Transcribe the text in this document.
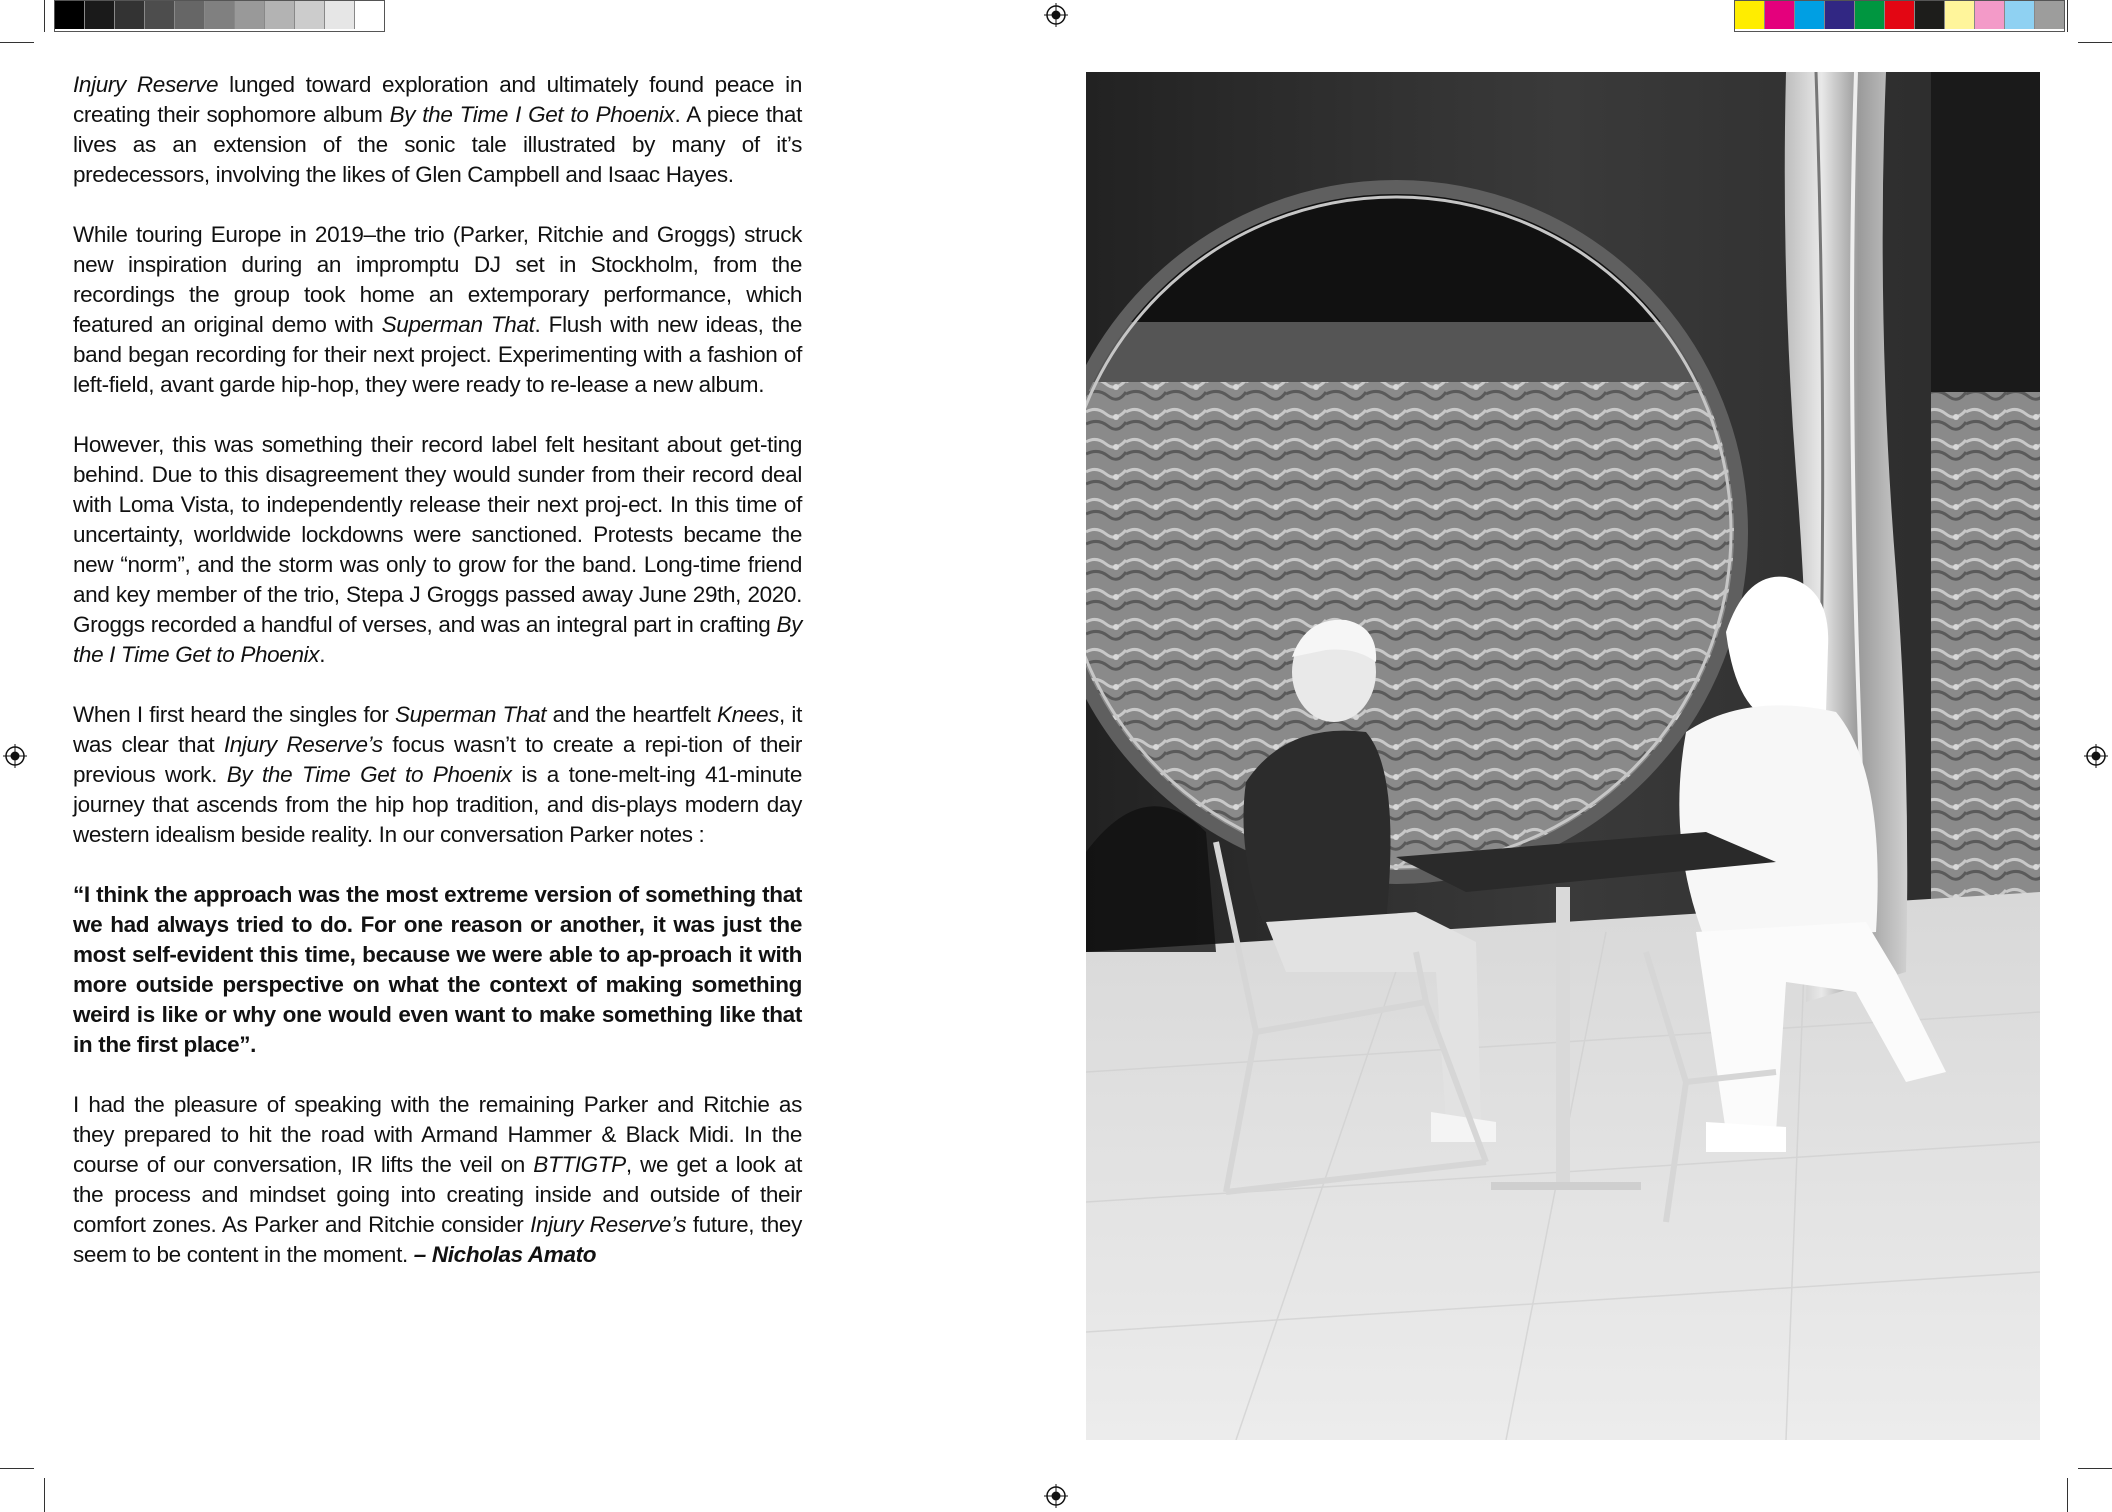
Injury Reserve lunged toward exploration and ultimately found peace in creating their sophomore album By the Time I Get to Phoenix. A piece that lives as an extension of the sonic tale illustrated by many of it’s predecessors, involving the likes of Glen Campbell and Isaac Hayes.

While touring Europe in 2019–the trio (Parker, Ritchie and Groggs) struck new inspiration during an impromptu DJ set in Stockholm, from the recordings the group took home an extemporary performance, which featured an original demo with Superman That. Flush with new ideas, the band began recording for their next project. Experimenting with a fashion of left-field, avant garde hip-hop, they were ready to re-lease a new album.

However, this was something their record label felt hesitant about get-ting behind. Due to this disagreement they would sunder from their record deal with Loma Vista, to independently release their next proj-ect. In this time of uncertainty, worldwide lockdowns were sanctioned. Protests became the new “norm”, and the storm was only to grow for the band. Long-time friend and key member of the trio, Stepa J Groggs passed away June 29th, 2020. Groggs recorded a handful of verses, and was an integral part in crafting By the I Time Get to Phoenix.

When I first heard the singles for Superman That and the heartfelt Knees, it was clear that Injury Reserve’s focus wasn’t to create a repi-tion of their previous work. By the Time Get to Phoenix is a tone-melt-ing 41-minute journey that ascends from the hip hop tradition, and dis-plays modern day western idealism beside reality. In our conversation Parker notes :

“I think the approach was the most extreme version of something that we had always tried to do. For one reason or another, it was just the most self-evident this time, because we were able to ap-proach it with more outside perspective on what the context of making something weird is like or why one would even want to make something like that in the first place”.

I had the pleasure of speaking with the remaining Parker and Ritchie as they prepared to hit the road with Armand Hammer & Black Midi. In the course of our conversation, IR lifts the veil on BTTIGTP, we get a look at the process and mindset going into creating inside and outside of their comfort zones. As Parker and Ritchie consider Injury Reserve’s future, they seem to be content in the moment. – Nicholas Amato
